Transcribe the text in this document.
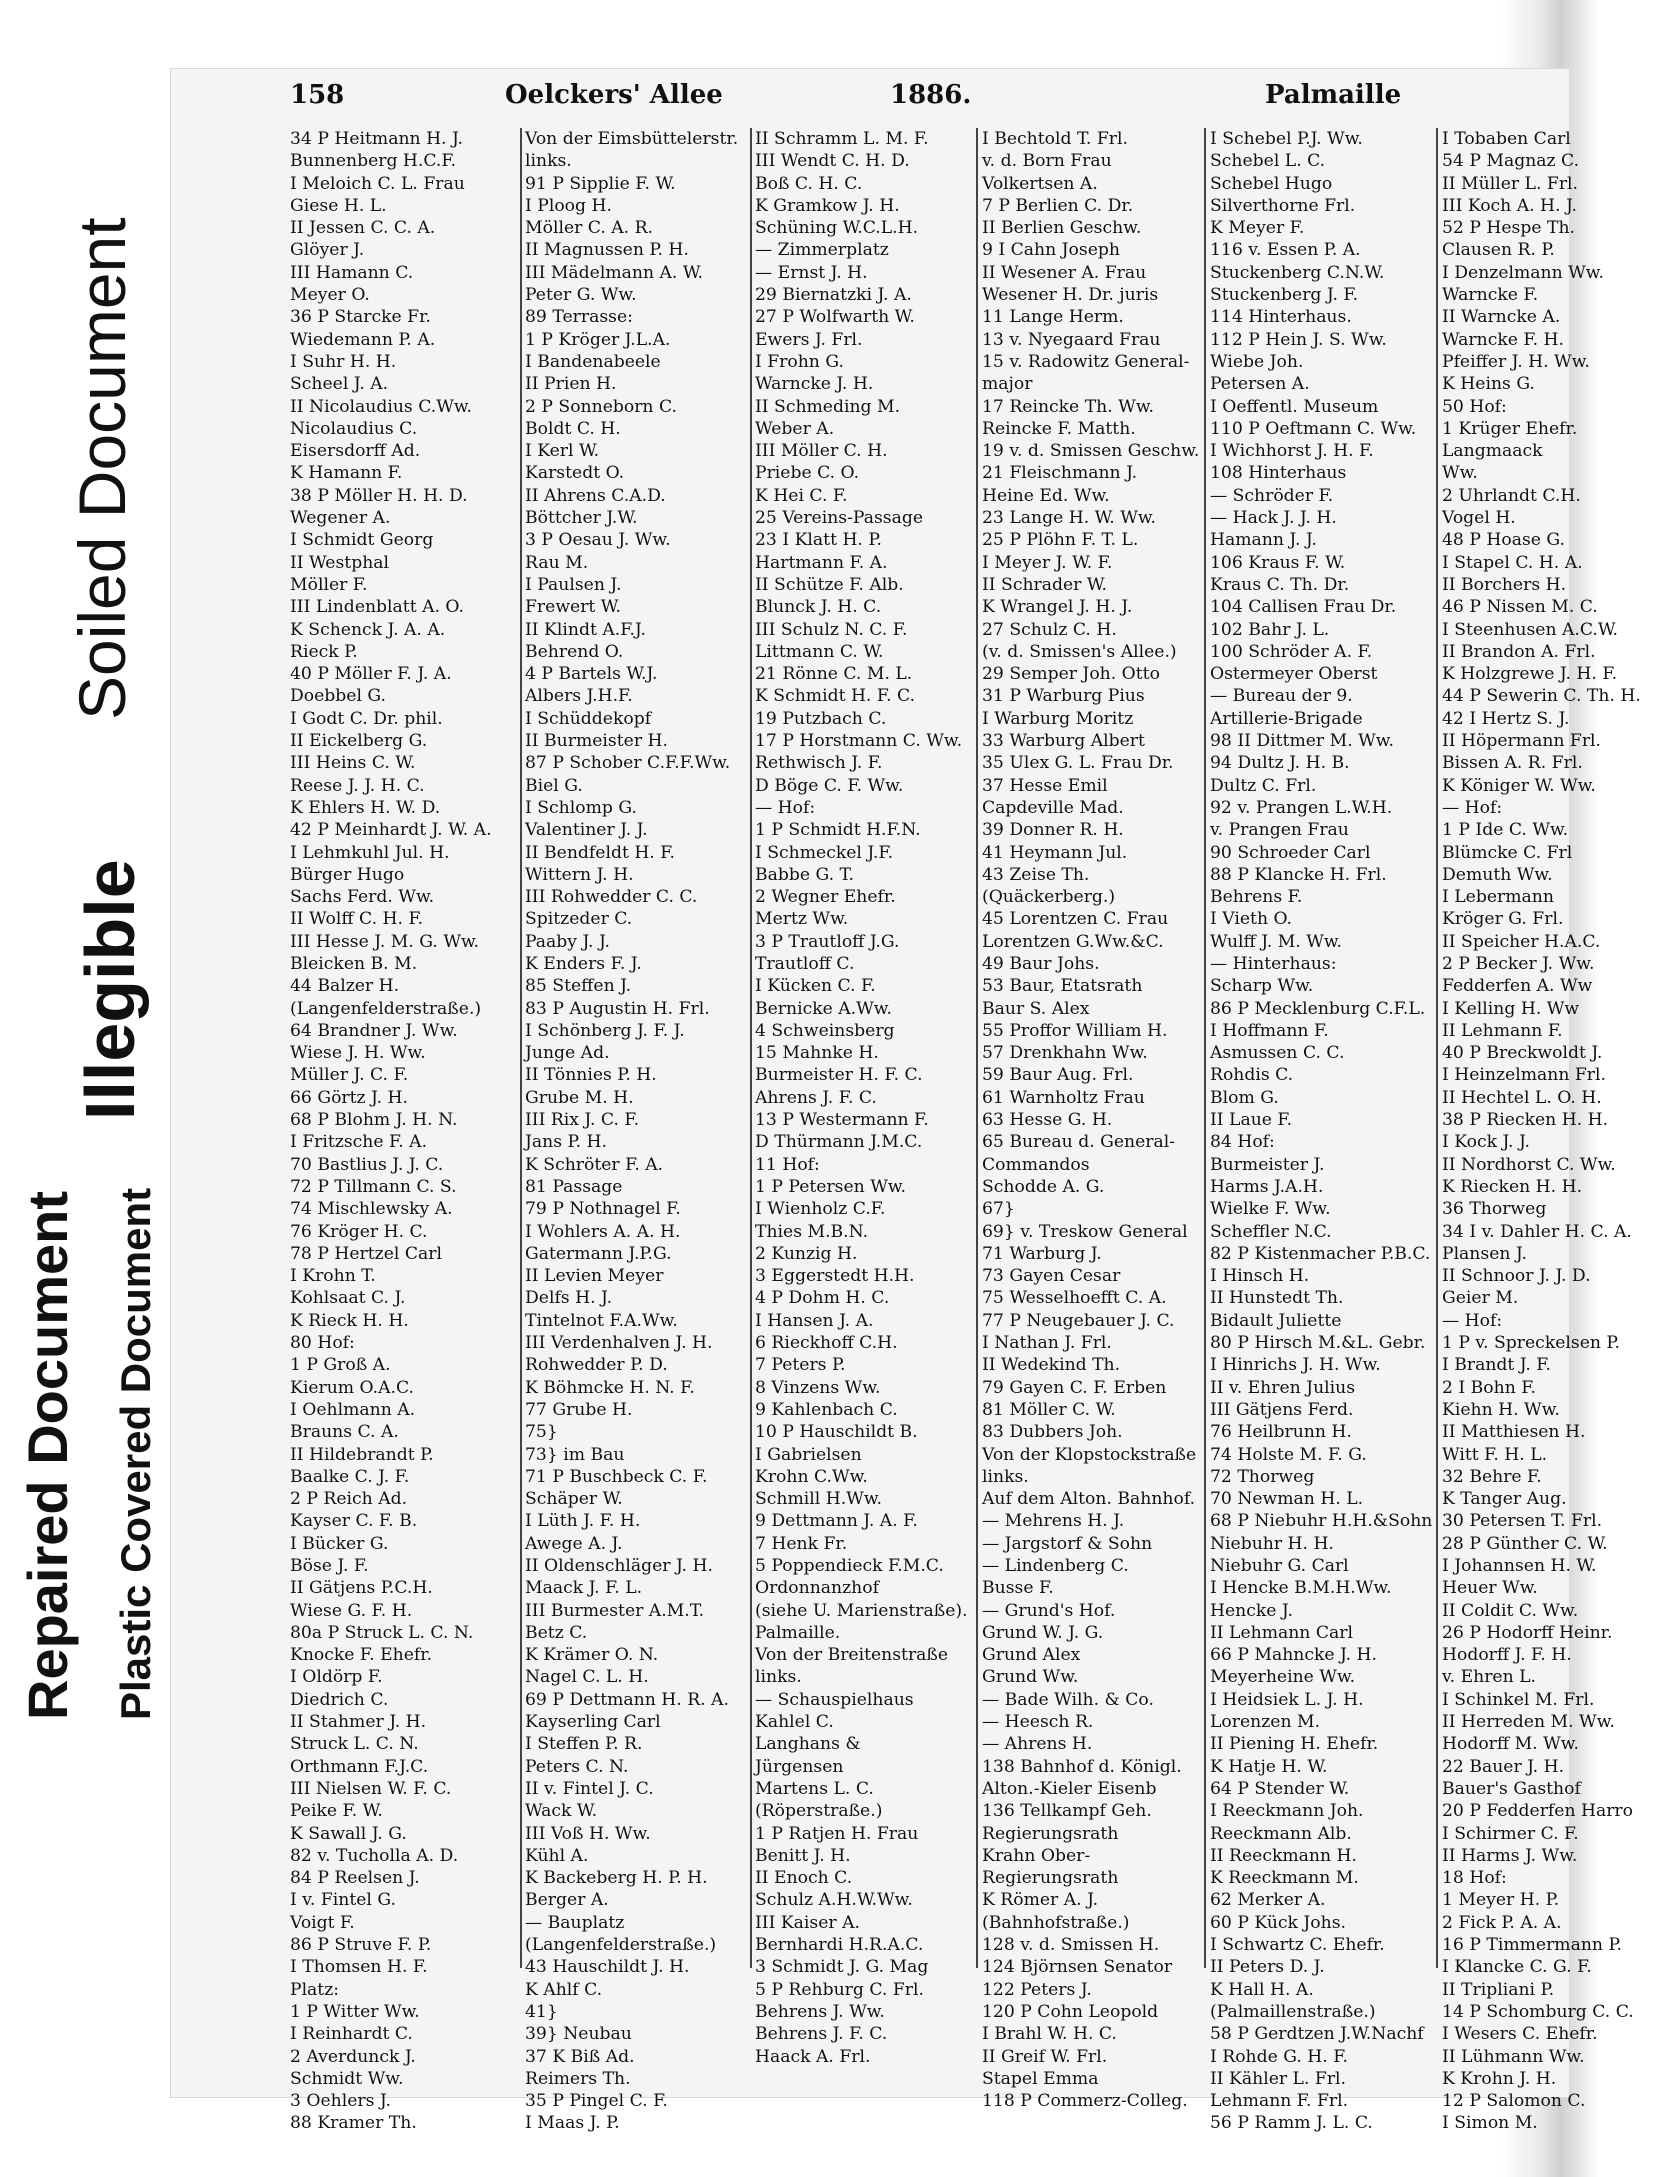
Soiled Document
Illegible
Repaired Document Plastic Covered Document
158	Oelckers' Allee	1886.	Palmaille
34 P Heitmann H. J.
Bunnenberg H.C.F.
I Meloich C. L. Frau
Giese H. L.
II Jessen C. C. A.
Glöyer J.
III Hamann C.
Meyer O.
36 P Starcke Fr.
Wiedemann P. A.
I Suhr H. H.
Scheel J. A.
II Nicolaudius C.Ww.
Nicolaudius C.
Eisersdorff Ad.
K Hamann F.
38 P Möller H. H. D.
Wegener A.
I Schmidt Georg
II Westphal
Möller F.
III Lindenblatt A. O.
K Schenck J. A. A.
Rieck P.
40 P Möller F. J. A.
Doebbel G.
I Godt C. Dr. phil.
II Eickelberg G.
III Heins C. W.
Reese J. J. H. C.
K Ehlers H. W. D.
42 P Meinhardt J. W. A.
I Lehmkuhl Jul. H.
Bürger Hugo
Sachs Ferd. Ww.
II Wolff C. H. F.
III Hesse J. M. G. Ww.
Bleicken B. M.
44 Balzer H.
(Langenfelderstraße.)
64 Brandner J. Ww.
Wiese J. H. Ww.
Müller J. C. F.
66 Görtz J. H.
68 P Blohm J. H. N.
I Fritzsche F. A.
70 Bastlius J. J. C.
72 P Tillmann C. S.
74 Mischlewsky A.
76 Kröger H. C.
78 P Hertzel Carl
I Krohn T.
Kohlsaat C. J.
K Rieck H. H.
80 Hof:
1 P Groß A.
Kierum O.A.C.
I Oehlmann A.
Brauns C. A.
II Hildebrandt P.
Baalke C. J. F.
2 P Reich Ad.
Kayser C. F. B.
I Bücker G.
Böse J. F.
II Gätjens P.C.H.
Wiese G. F. H.
80a P Struck L. C. N.
Knocke F. Ehefr.
I Oldörp F.
Diedrich C.
II Stahmer J. H.
Struck L. C. N.
Orthmann F.J.C.
III Nielsen W. F. C.
Peike F. W.
K Sawall J. G.
82 v. Tucholla A. D.
84 P Reelsen J.
I v. Fintel G.
Voigt F.
86 P Struve F. P.
I Thomsen H. F.
Platz:
1 P Witter Ww.
I Reinhardt C.
2 Averdunck J.
Schmidt Ww.
3 Oehlers J.
88 Kramer Th.
Von der Eimsbüttelerstr.
links.
91 P Sipplie F. W.
I Ploog H.
Möller C. A. R.
II Magnussen P. H.
III Mädelmann A. W.
Peter G. Ww.
89 Terrasse:
1 P Kröger J.L.A.
I Bandenabeele
II Prien H.
2 P Sonneborn C.
Boldt C. H.
I Kerl W.
Karstedt O.
II Ahrens C.A.D.
Böttcher J.W.
3 P Oesau J. Ww.
Rau M.
I Paulsen J.
Frewert W.
II Klindt A.F.J.
Behrend O.
4 P Bartels W.J.
Albers J.H.F.
I Schüddekopf
II Burmeister H.
87 P Schober C.F.F.Ww.
Biel G.
I Schlomp G.
Valentiner J. J.
II Bendfeldt H. F.
Wittern J. H.
III Rohwedder C. C.
Spitzeder C.
Paaby J. J.
K Enders F. J.
85 Steffen J.
83 P Augustin H. Frl.
I Schönberg J. F. J.
Junge Ad.
II Tönnies P. H.
Grube M. H.
III Rix J. C. F.
Jans P. H.
K Schröter F. A.
81 Passage
79 P Nothnagel F.
I Wohlers A. A. H.
Gatermann J.P.G.
II Levien Meyer
Delfs H. J.
Tintelnot F.A.Ww.
III Verdenhalven J. H.
Rohwedder P. D.
K Böhmcke H. N. F.
77 Grube H.
75}
73} im Bau
71 P Buschbeck C. F.
Schäper W.
I Lüth J. F. H.
Awege A. J.
II Oldenschläger J. H.
Maack J. F. L.
III Burmester A.M.T.
Betz C.
K Krämer O. N.
Nagel C. L. H.
69 P Dettmann H. R. A.
Kayserling Carl
I Steffen P. R.
Peters C. N.
II v. Fintel J. C.
Wack W.
III Voß H. Ww.
Kühl A.
K Backeberg H. P. H.
Berger A.
— Bauplatz
(Langenfelderstraße.)
43 Hauschildt J. H.
K Ahlf C.
41}
39} Neubau
37 K Biß Ad.
Reimers Th.
35 P Pingel C. F.
I Maas J. P.
II Schramm L. M. F.
III Wendt C. H. D.
Boß C. H. C.
K Gramkow J. H.
Schüning W.C.L.H.
— Zimmerplatz
— Ernst J. H.
29 Biernatzki J. A.
27 P Wolfwarth W.
Ewers J. Frl.
I Frohn G.
Warncke J. H.
II Schmeding M.
Weber A.
III Möller C. H.
Priebe C. O.
K Hei C. F.
25 Vereins-Passage
23 I Klatt H. P.
Hartmann F. A.
II Schütze F. Alb.
Blunck J. H. C.
III Schulz N. C. F.
Littmann C. W.
21 Rönne C. M. L.
K Schmidt H. F. C.
19 Putzbach C.
17 P Horstmann C. Ww.
Rethwisch J. F.
D Böge C. F. Ww.
— Hof:
1 P Schmidt H.F.N.
I Schmeckel J.F.
Babbe G. T.
2 Wegner Ehefr.
Mertz Ww.
3 P Trautloff J.G.
Trautloff C.
I Kücken C. F.
Bernicke A.Ww.
4 Schweinsberg
15 Mahnke H.
Burmeister H. F. C.
Ahrens J. F. C.
13 P Westermann F.
D Thürmann J.M.C.
11 Hof:
1 P Petersen Ww.
I Wienholz C.F.
Thies M.B.N.
2 Kunzig H.
3 Eggerstedt H.H.
4 P Dohm H. C.
I Hansen J. A.
6 Rieckhoff C.H.
7 Peters P.
8 Vinzens Ww.
9 Kahlenbach C.
10 P Hauschildt B.
I Gabrielsen
Krohn C.Ww.
Schmill H.Ww.
9 Dettmann J. A. F.
7 Henk Fr.
5 Poppendieck F.M.C.
Ordonnanzhof
(siehe U. Marienstraße).
Palmaille.
Von der Breitenstraße
links.
— Schauspielhaus
Kahlel C.
Langhans &
Jürgensen
Martens L. C.
(Röperstraße.)
1 P Ratjen H. Frau
Benitt J. H.
II Enoch C.
Schulz A.H.W.Ww.
III Kaiser A.
Bernhardi H.R.A.C.
3 Schmidt J. G. Mag
5 P Rehburg C. Frl.
Behrens J. Ww.
Behrens J. F. C.
Haack A. Frl.
I Bechtold T. Frl.
v. d. Born Frau
Volkertsen A.
7 P Berlien C. Dr.
II Berlien Geschw.
9 I Cahn Joseph
II Wesener A. Frau
Wesener H. Dr. juris
11 Lange Herm.
13 v. Nyegaard Frau
15 v. Radowitz General-
major
17 Reincke Th. Ww.
Reincke F. Matth.
19 v. d. Smissen Geschw.
21 Fleischmann J.
Heine Ed. Ww.
23 Lange H. W. Ww.
25 P Plöhn F. T. L.
I Meyer J. W. F.
II Schrader W.
K Wrangel J. H. J.
27 Schulz C. H.
(v. d. Smissen's Allee.)
29 Semper Joh. Otto
31 P Warburg Pius
I Warburg Moritz
33 Warburg Albert
35 Ulex G. L. Frau Dr.
37 Hesse Emil
Capdeville Mad.
39 Donner R. H.
41 Heymann Jul.
43 Zeise Th.
(Quäckerberg.)
45 Lorentzen C. Frau
Lorentzen G.Ww.&C.
49 Baur Johs.
53 Baur, Etatsrath
Baur S. Alex
55 Proffor William H.
57 Drenkhahn Ww.
59 Baur Aug. Frl.
61 Warnholtz Frau
63 Hesse G. H.
65 Bureau d. General-
Commandos
Schodde A. G.
67}
69} v. Treskow General
71 Warburg J.
73 Gayen Cesar
75 Wesselhoefft C. A.
77 P Neugebauer J. C.
I Nathan J. Frl.
II Wedekind Th.
79 Gayen C. F. Erben
81 Möller C. W.
83 Dubbers Joh.
Von der Klopstockstraße
links.
Auf dem Alton. Bahnhof.
— Mehrens H. J.
— Jargstorf & Sohn
— Lindenberg C.
Busse F.
— Grund's Hof.
Grund W. J. G.
Grund Alex
Grund Ww.
— Bade Wilh. & Co.
— Heesch R.
— Ahrens H.
138 Bahnhof d. Königl.
Alton.-Kieler Eisenb
136 Tellkampf Geh.
Regierungsrath
Krahn Ober-
Regierungsrath
K Römer A. J.
(Bahnhofstraße.)
128 v. d. Smissen H.
124 Björnsen Senator
122 Peters J.
120 P Cohn Leopold
I Brahl W. H. C.
II Greif W. Frl.
Stapel Emma
118 P Commerz-Colleg.
I Schebel P.J. Ww.
Schebel L. C.
Schebel Hugo
Silverthorne Frl.
K Meyer F.
116 v. Essen P. A.
Stuckenberg C.N.W.
Stuckenberg J. F.
114 Hinterhaus.
112 P Hein J. S. Ww.
Wiebe Joh.
Petersen A.
I Oeffentl. Museum
110 P Oeftmann C. Ww.
I Wichhorst J. H. F.
108 Hinterhaus
— Schröder F.
— Hack J. J. H.
Hamann J. J.
106 Kraus F. W.
Kraus C. Th. Dr.
104 Callisen Frau Dr.
102 Bahr J. L.
100 Schröder A. F.
Ostermeyer Oberst
— Bureau der 9.
Artillerie-Brigade
98 II Dittmer M. Ww.
94 Dultz J. H. B.
Dultz C. Frl.
92 v. Prangen L.W.H.
v. Prangen Frau
90 Schroeder Carl
88 P Klancke H. Frl.
Behrens F.
I Vieth O.
Wulff J. M. Ww.
— Hinterhaus:
Scharp Ww.
86 P Mecklenburg C.F.L.
I Hoffmann F.
Asmussen C. C.
Rohdis C.
Blom G.
II Laue F.
84 Hof:
Burmeister J.
Harms J.A.H.
Wielke F. Ww.
Scheffler N.C.
82 P Kistenmacher P.B.C.
I Hinsch H.
II Hunstedt Th.
Bidault Juliette
80 P Hirsch M.&L. Gebr.
I Hinrichs J. H. Ww.
II v. Ehren Julius
III Gätjens Ferd.
76 Heilbrunn H.
74 Holste M. F. G.
72 Thorweg
70 Newman H. L.
68 P Niebuhr H.H.&Sohn
Niebuhr H. H.
Niebuhr G. Carl
I Hencke B.M.H.Ww.
Hencke J.
II Lehmann Carl
66 P Mahncke J. H.
Meyerheine Ww.
I Heidsiek L. J. H.
Lorenzen M.
II Piening H. Ehefr.
K Hatje H. W.
64 P Stender W.
I Reeckmann Joh.
Reeckmann Alb.
II Reeckmann H.
K Reeckmann M.
62 Merker A.
60 P Kück Johs.
I Schwartz C. Ehefr.
II Peters D. J.
K Hall H. A.
(Palmaillenstraße.)
58 P Gerdtzen J.W.Nachf
I Rohde G. H. F.
II Kähler L. Frl.
Lehmann F. Frl.
56 P Ramm J. L. C.
I Tobaben Carl
54 P Magnaz C.
II Müller L. Frl.
III Koch A. H. J.
52 P Hespe Th.
Clausen R. P.
I Denzelmann Ww.
Warncke F.
II Warncke A.
Warncke F. H.
Pfeiffer J. H. Ww.
K Heins G.
50 Hof:
1 Krüger Ehefr.
Langmaack
Ww.
2 Uhrlandt C.H.
Vogel H.
48 P Hoase G.
I Stapel C. H. A.
II Borchers H.
46 P Nissen M. C.
I Steenhusen A.C.W.
II Brandon A. Frl.
K Holzgrewe J. H. F.
44 P Sewerin C. Th. H.
42 I Hertz S. J.
II Höpermann Frl.
Bissen A. R. Frl.
K Königer W. Ww.
— Hof:
1 P Ide C. Ww.
Blümcke C. Frl
Demuth Ww.
I Lebermann
Kröger G. Frl.
II Speicher H.A.C.
2 P Becker J. Ww.
Fedderfen A. Ww
I Kelling H. Ww
II Lehmann F.
40 P Breckwoldt J.
I Heinzelmann Frl.
II Hechtel L. O. H.
38 P Riecken H. H.
I Kock J. J.
II Nordhorst C. Ww.
K Riecken H. H.
36 Thorweg
34 I v. Dahler H. C. A.
Plansen J.
II Schnoor J. J. D.
Geier M.
— Hof:
1 P v. Spreckelsen P.
I Brandt J. F.
2 I Bohn F.
Kiehn H. Ww.
II Matthiesen H.
Witt F. H. L.
32 Behre F.
K Tanger Aug.
30 Petersen T. Frl.
28 P Günther C. W.
I Johannsen H. W.
Heuer Ww.
II Coldit C. Ww.
26 P Hodorff Heinr.
Hodorff J. F. H.
v. Ehren L.
I Schinkel M. Frl.
II Herreden M. Ww.
Hodorff M. Ww.
22 Bauer J. H.
Bauer's Gasthof
20 P Fedderfen Harro
I Schirmer C. F.
II Harms J. Ww.
18 Hof:
1 Meyer H. P.
2 Fick P. A. A.
16 P Timmermann P.
I Klancke C. G. F.
II Tripliani P.
14 P Schomburg C. C.
I Wesers C. Ehefr.
II Lühmann Ww.
K Krohn J. H.
12 P Salomon C.
I Simon M.
